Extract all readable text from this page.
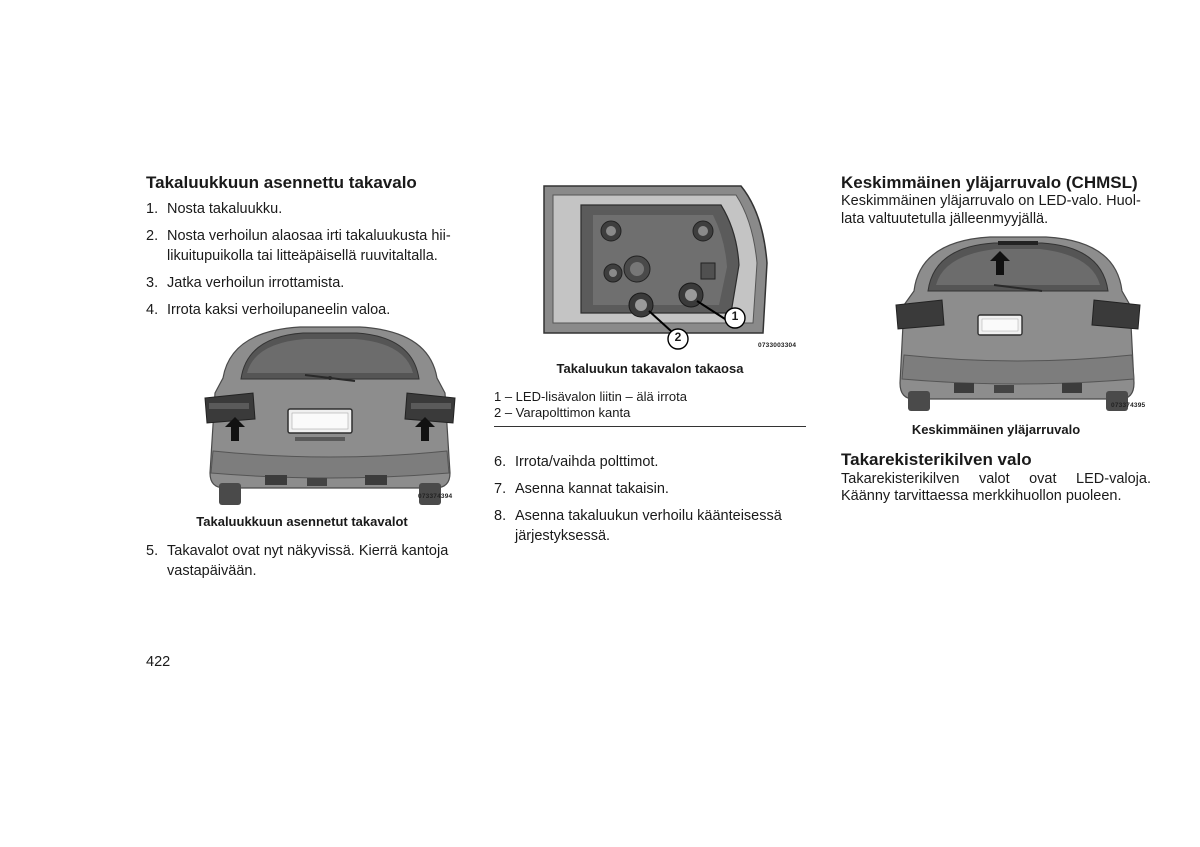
Takaluukkuun asennettu takavalo
1. Nosta takaluukku.
2. Nosta verhoilun alaosaa irti takaluukusta hii-
likuitupuikolla tai litteäpäisellä ruuvitaltalla.
3. Jatka verhoilun irrottamista.
4. Irrota kaksi verhoilupaneelin valoa.
073374394
Takaluukkuun asennetut takavalot
5. Takavalot ovat nyt näkyvissä. Kierrä kantoja
vastapäivään.
422
1
2
0733003304
Takaluukun takavalon takaosa
1 – LED-lisävalon liitin – älä irrota
2 – Varapolttimon kanta
6. Irrota/vaihda polttimot.
7. Asenna kannat takaisin.
8. Asenna takaluukun verhoilu käänteisessä
järjestyksessä.
Keskimmäinen yläjarruvalo (CHMSL)
Keskimmäinen yläjarruvalo on LED-valo. Huol-
lata valtuutetulla jälleenmyyjällä.
073374395
Keskimmäinen yläjarruvalo
Takarekisterikilven valo
Takarekisterikilven valot ovat LED-valoja.
Käänny tarvittaessa merkkihuollon puoleen.
